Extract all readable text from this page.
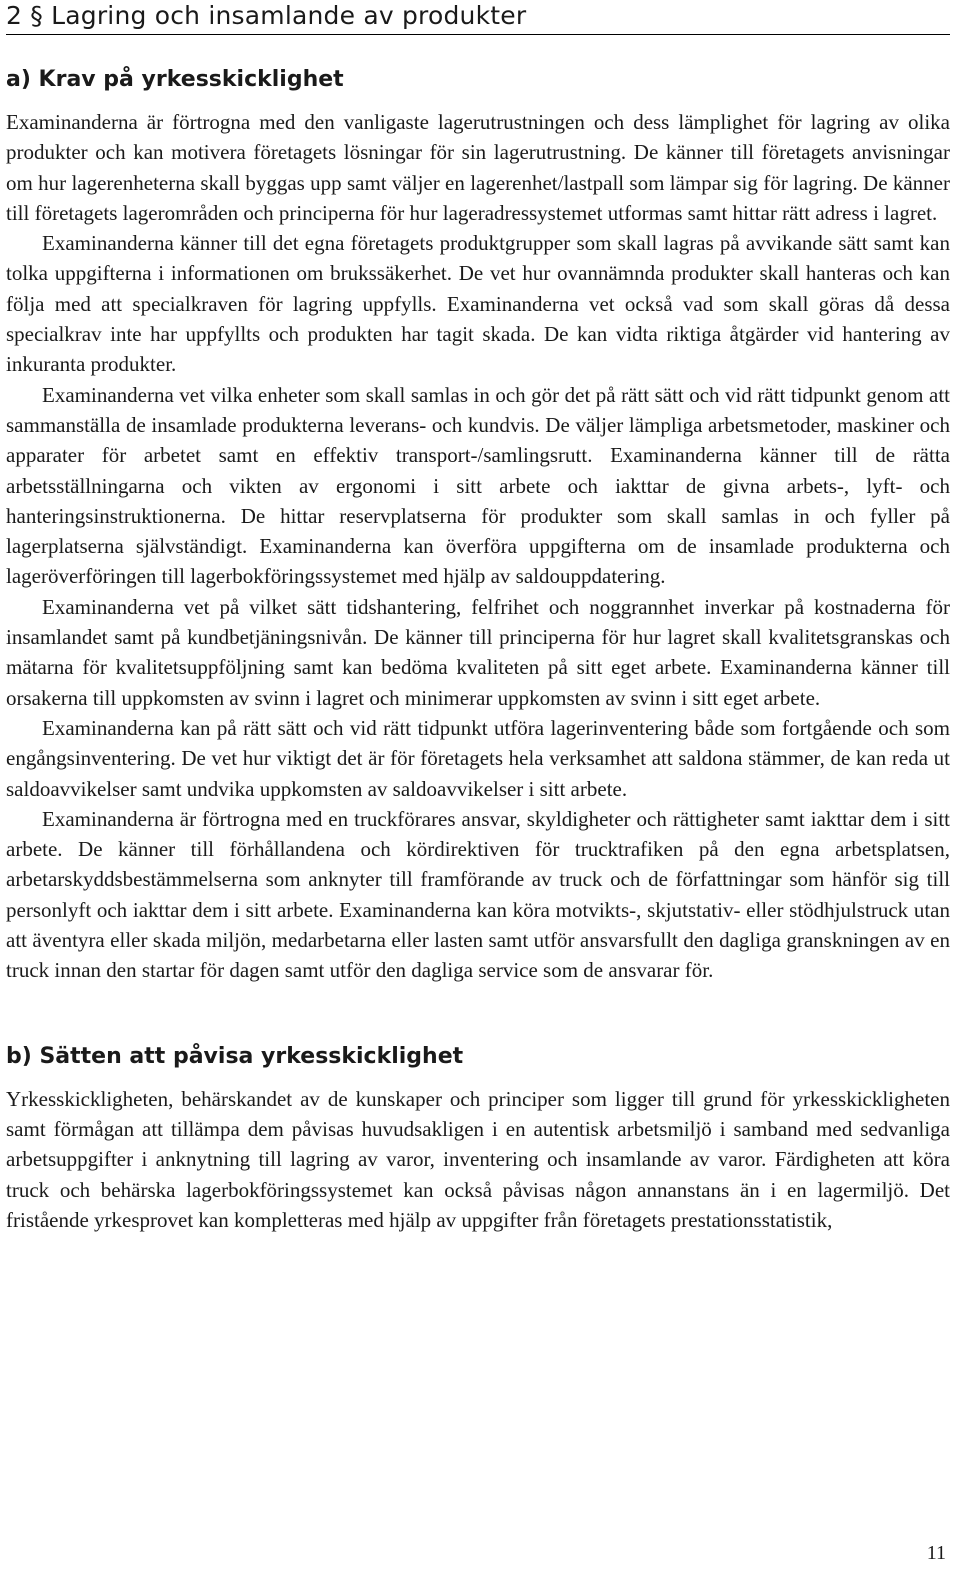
2 § Lagring och insamlande av produkter
a) Krav på yrkesskicklighet

Examinanderna är förtrogna med den vanligaste lagerutrustningen och dess lämplighet för lagring av olika produkter och kan motivera företagets lösningar för sin lagerutrustning. De känner till företagets anvisningar om hur lagerenheterna skall byggas upp samt väljer en lagerenhet/lastpall som lämpar sig för lagring. De känner till företagets lagerområden och principerna för hur lageradressystemet utformas samt hittar rätt adress i lagret.

Examinanderna känner till det egna företagets produktgrupper som skall lagras på avvikande sätt samt kan tolka uppgifterna i informationen om brukssäkerhet. De vet hur ovannämnda produkter skall hanteras och kan följa med att specialkraven för lagring uppfylls. Examinanderna vet också vad som skall göras då dessa specialkrav inte har uppfyllts och produkten har tagit skada. De kan vidta riktiga åtgärder vid hantering av inkuranta produkter.

Examinanderna vet vilka enheter som skall samlas in och gör det på rätt sätt och vid rätt tidpunkt genom att sammanställa de insamlade produkterna leverans- och kundvis. De väljer lämpliga arbetsmetoder, maskiner och apparater för arbetet samt en effektiv transport-/samlingsrutt. Examinanderna känner till de rätta arbetsställningarna och vikten av ergonomi i sitt arbete och iakttar de givna arbets-, lyft- och hanteringsinstruktionerna. De hittar reservplatserna för produkter som skall samlas in och fyller på lagerplatserna självständigt. Examinanderna kan överföra uppgifterna om de insamlade produkterna och lageröverföringen till lagerbokföringssystemet med hjälp av saldouppdatering.

Examinanderna vet på vilket sätt tidshantering, felfrihet och noggrannhet inverkar på kostnaderna för insamlandet samt på kundbetjäningsnivån. De känner till principerna för hur lagret skall kvalitetsgranskas och mätarna för kvalitetsuppföljning samt kan bedöma kvaliteten på sitt eget arbete. Examinanderna känner till orsakerna till uppkomsten av svinn i lagret och minimerar uppkomsten av svinn i sitt eget arbete.

Examinanderna kan på rätt sätt och vid rätt tidpunkt utföra lagerinventering både som fortgående och som engångsinventering. De vet hur viktigt det är för företagets hela verksamhet att saldona stämmer, de kan reda ut saldoavvikelser samt undvika uppkomsten av saldoavvikelser i sitt arbete.

Examinanderna är förtrogna med en truckförares ansvar, skyldigheter och rättigheter samt iakttar dem i sitt arbete. De känner till förhållandena och kördirektiven för trucktrafiken på den egna arbetsplatsen, arbetarskyddsbestämmelserna som anknyter till framförande av truck och de författningar som hänför sig till personlyft och iakttar dem i sitt arbete. Examinanderna kan köra motvikts-, skjutstativ- eller stödhjulstruck utan att äventyra eller skada miljön, medarbetarna eller lasten samt utför ansvarsfullt den dagliga granskningen av en truck innan den startar för dagen samt utför den dagliga service som de ansvarar för.

b) Sätten att påvisa yrkesskicklighet

Yrkesskickligheten, behärskandet av de kunskaper och principer som ligger till grund för yrkesskickligheten samt förmågan att tillämpa dem påvisas huvudsakligen i en autentisk arbetsmiljö i samband med sedvanliga arbetsuppgifter i anknytning till lagring av varor, inventering och insamlande av varor. Färdigheten att köra truck och behärska lagerbokföringssystemet kan också påvisas någon annanstans än i en lagermiljö. Det fristående yrkesprovet kan kompletteras med hjälp av uppgifter från företagets prestationsstatistik,

11
